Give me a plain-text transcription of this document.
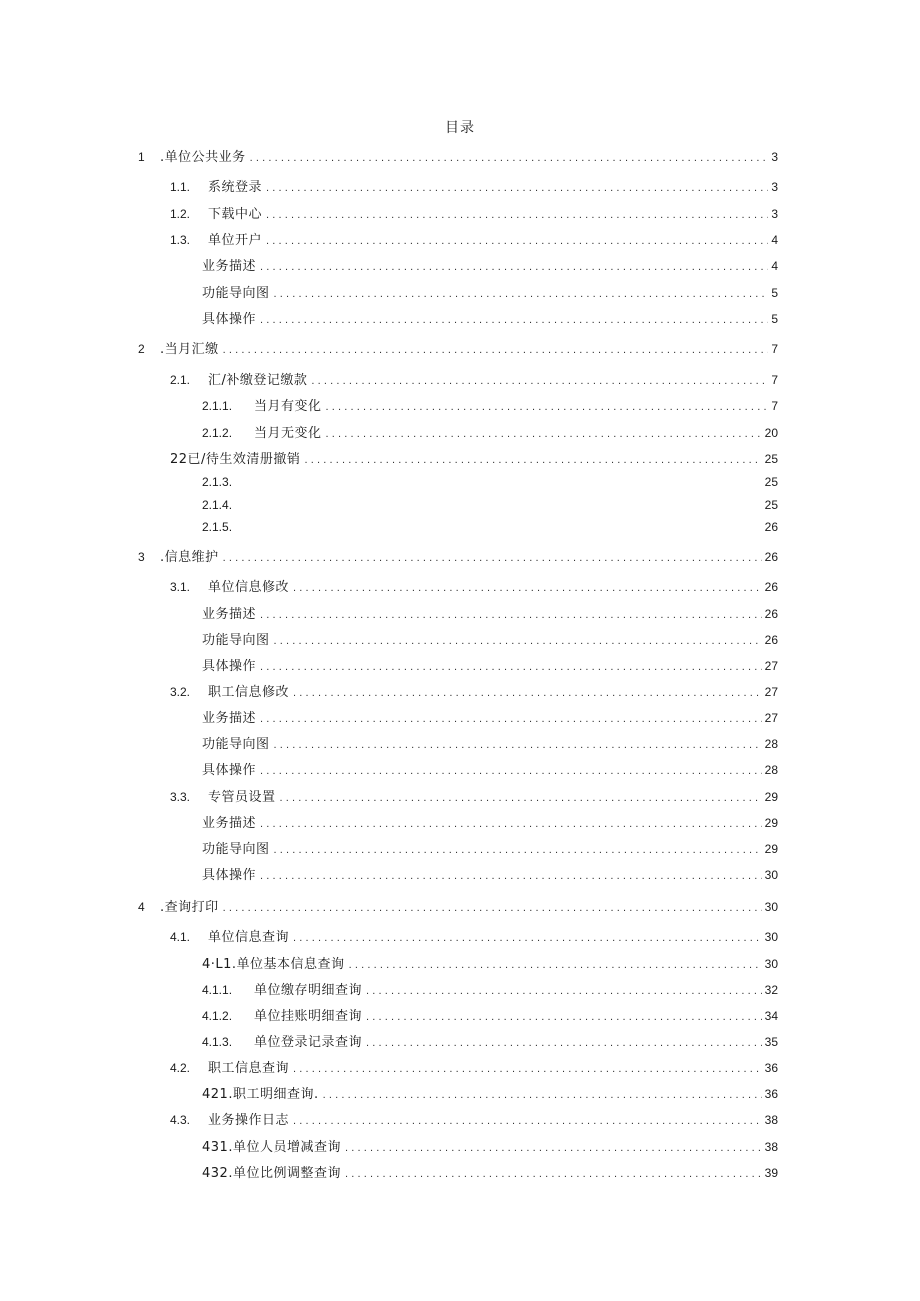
目录
1	.单位公共业务 .....	3
1.1.	系统登录 .....	3
1.2.	下载中心 .....	3
1.3.	单位开户 .....	4
业务描述 .....	4
功能导向图 .....	5
具体操作 .....	5
2	.当月汇缴 .....	7
2.1.	汇/补缴登记缴款 .....	7
2.1.1.	当月有变化 .....	7
2.1.2.	当月无变化 .....	20
22已/待生效清册撤销 .....	25
2.1.3.	25
2.1.4.	25
2.1.5.	26
3	.信息维护 .....	26
3.1.	单位信息修改 .....	26
业务描述 .....	26
功能导向图 .....	26
具体操作 .....	27
3.2.	职工信息修改 .....	27
业务描述 .....	27
功能导向图 .....	28
具体操作 .....	28
3.3.	专管员设置 .....	29
业务描述 .....	29
功能导向图 .....	29
具体操作 .....	30
4	.查询打印 .....	30
4.1.	单位信息查询 .....	30
4·L1.单位基本信息查询 .....	30
4.1.1.	单位缴存明细查询 .....	32
4.1.2.	单位挂账明细查询 .....	34
4.1.3.	单位登录记录查询 .....	35
4.2.	职工信息查询 .....	36
421.职工明细查询. .....	36
4.3.	业务操作日志 .....	38
431.单位人员增减查询 .....	38
432.单位比例调整查询 .....	39
